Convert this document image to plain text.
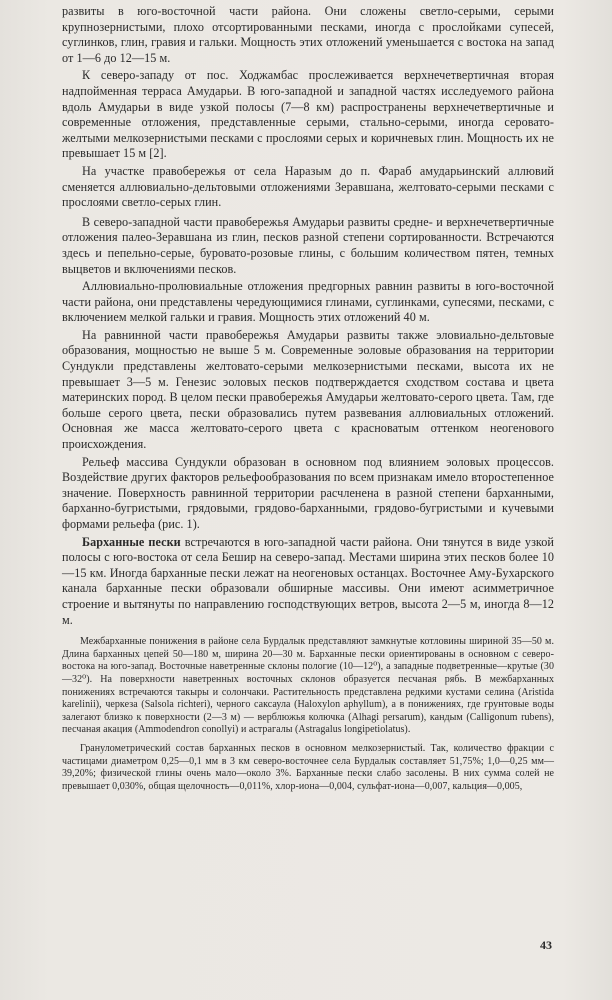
развиты в юго-восточной части района. Они сложены светло-серыми, серыми крупнозернистыми, плохо отсортированными песками, иногда с прослойками супесей, суглинков, глин, гравия и гальки. Мощность этих отложений уменьшается с востока на запад от 1—6 до 12—15 м.

К северо-западу от пос. Ходжамбас прослеживается верхнечетвертичная вторая надпойменная терраса Амударьи. В юго-западной и западной частях исследуемого района вдоль Амударьи в виде узкой полосы (7—8 км) распространены верхнечетвертичные и современные отложения, представленные серыми, стально-серыми, иногда серовато-желтыми мелкозернистыми песками с прослоями серых и коричневых глин. Мощность их не превышает 15 м [2].

На участке правобережья от села Наразым до п. Фараб амударьинский аллювий сменяется аллювиально-дельтовыми отложениями Зеравшана, желтовато-серыми песками с прослоями светло-серых глин.

В северо-западной части правобережья Амударьи развиты средне- и верхнечетвертичные отложения палео-Зеравшана из глин, песков разной степени сортированности. Встречаются здесь и пепельно-серые, буровато-розовые глины, с большим количеством пятен, темных выцветов и включениями песков.

Аллювиально-пролювиальные отложения предгорных равнин развиты в юго-восточной части района, они представлены чередующимися глинами, суглинками, супесями, песками, с включением мелкой гальки и гравия. Мощность этих отложений 40 м.

На равнинной части правобережья Амударьи развиты также эловиально-дельтовые образования, мощностью не выше 5 м. Современные эоловые образования на территории Сундукли представлены желтовато-серыми мелкозернистыми песками, высота их не превышает 3—5 м. Генезис эоловых песков подтверждается сходством состава и цвета материнских пород. В целом пески правобережья Амударьи желтовато-серого цвета. Там, где больше серого цвета, пески образовались путем развевания аллювиальных отложений. Основная же масса желтовато-серого цвета с красноватым оттенком неогенового происхождения.

Рельеф массива Сундукли образован в основном под влиянием эоловых процессов. Воздействие других факторов рельефообразования по всем признакам имело второстепенное значение. Поверхность равнинной территории расчленена в разной степени барханными, барханно-бугристыми, грядовыми, грядово-барханными, грядово-бугристыми и кучевыми формами рельефа (рис. 1).

Барханные пески встречаются в юго-западной части района. Они тянутся в виде узкой полосы с юго-востока от села Бешир на северо-запад. Местами ширина этих песков более 10—15 км. Иногда барханные пески лежат на неогеновых останцах. Восточнее Аму-Бухарского канала барханные пески образовали обширные массивы. Они имеют асимметричное строение и вытянуты по направлению господствующих ветров, высота 2—5 м, иногда 8—12 м.

Межбарханные понижения в районе села Бурдалык представляют замкнутые котловины шириной 35—50 м. Длина барханных цепей 50—180 м, ширина 20—30 м. Барханные пески ориентированы в основном с северо-востока на юго-запад. Восточные наветренные склоны пологие (10—12⁰), а западные подветренные—крутые (30—32⁰). На поверхности наветренных восточных склонов образуется песчаная рябь. В межбарханных понижениях встречаются такыры и солончаки. Растительность представлена редкими кустами селина (Aristida karelinii), черкеза (Salsola richteri), черного саксаула (Haloxylon aphyllum), а в понижениях, где грунтовые воды залегают близко к поверхности (2—3 м) — верблюжья колючка (Alhagi persarum), кандым (Calligonum rubens), песчаная акация (Ammodendron conollyi) и астрагалы (Astragalus longipetiolatus).

Гранулометрический состав барханных песков в основном мелкозернистый. Так, количество фракции с частицами диаметром 0,25—0,1 мм в 3 км северо-восточнее села Бурдалык составляет 51,75%; 1,0—0,25 мм—39,20%; физической глины очень мало—около 3%. Барханные пески слабо засолены. В них сумма солей не превышает 0,030%, общая щелочность—0,011%, хлор-иона—0,004, сульфат-иона—0,007, кальция—0,005,

43
